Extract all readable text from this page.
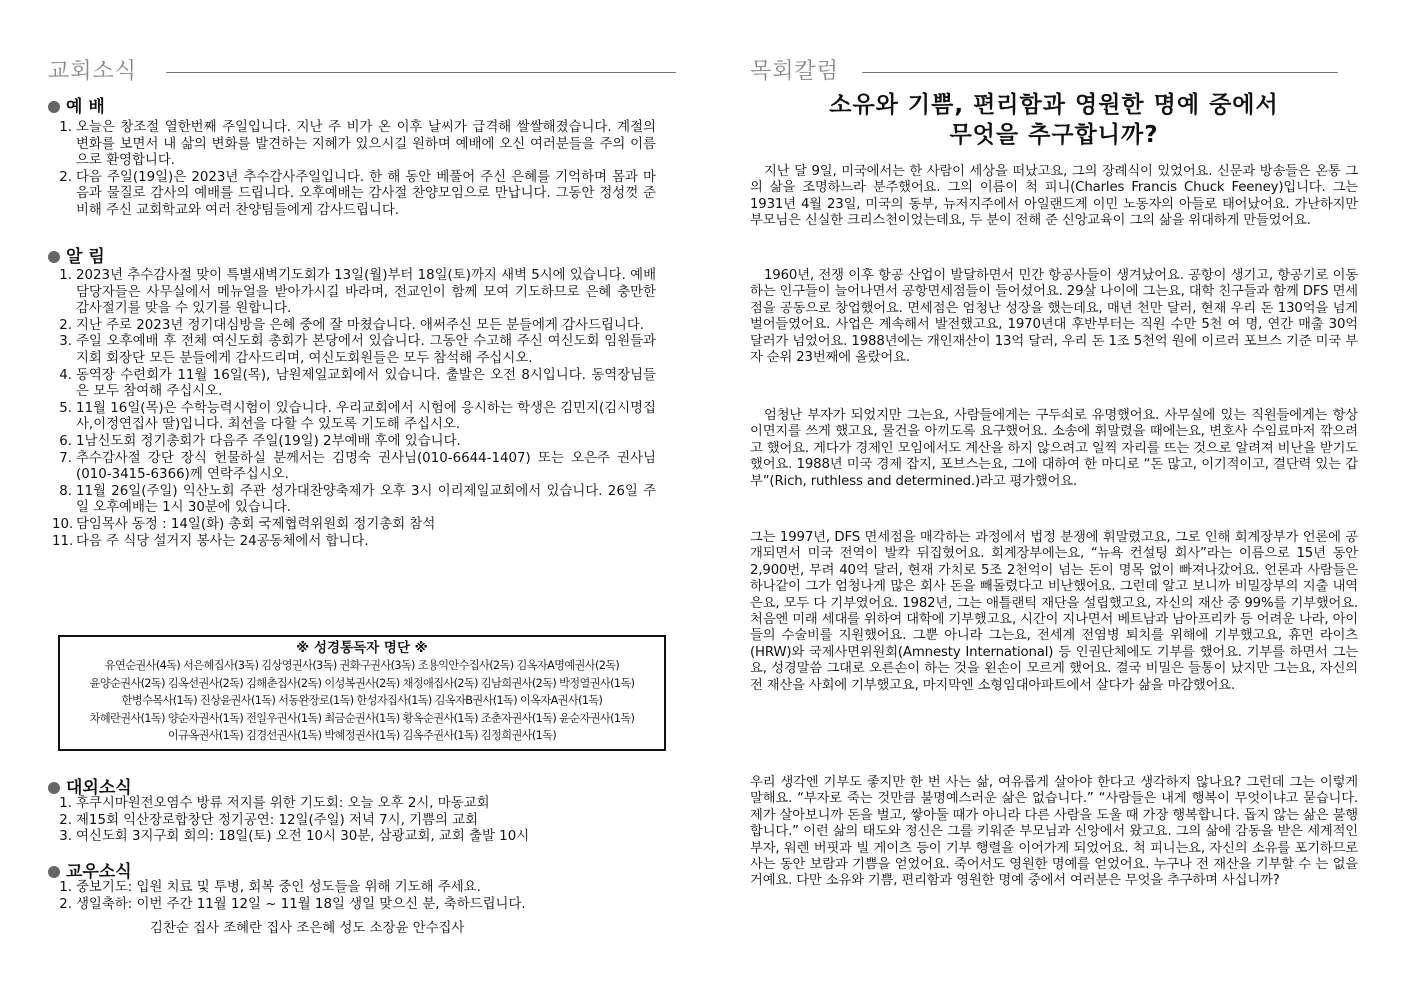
교회소식
예 배
1. 오늘은 창조절 열한번째 주일입니다. 지난 주 비가 온 이후 날씨가 급격해 쌀쌀해졌습니다. 계절의 변화를 보면서 내 삶의 변화를 발견하는 지혜가 있으시길 원하며 예배에 오신 여러분들을 주의 이름으로 환영합니다.
2. 다음 주일(19일)은 2023년 추수감사주일입니다. 한 해 동안 베풀어 주신 은혜를 기억하며 몸과 마음과 물질로 감사의 예배를 드립니다. 오후예배는 감사절 찬양모임으로 만납니다. 그동안 정성껏 준비해 주신 교회학교와 여러 찬양팀들에게 감사드립니다.
알 림
1. 2023년 추수감사절 맞이 특별새벽기도회가 13일(월)부터 18일(토)까지 새벽 5시에 있습니다. 예배 담당자들은 사무실에서 메뉴얼을 받아가시길 바라며, 전교인이 함께 모여 기도하므로 은혜 충만한 감사절기를 맞을 수 있기를 원합니다.
2. 지난 주로 2023년 정기대심방을 은혜 중에 잘 마쳤습니다. 애써주신 모든 분들에게 감사드립니다.
3. 주일 오후예배 후 전체 여신도회 총회가 본당에서 있습니다. 그동안 수고해 주신 여신도회 임원들과 지회 회장단 모든 분들에게 감사드리며, 여신도회원들은 모두 참석해 주십시오.
4. 동역장 수련회가 11월 16일(목), 남원제일교회에서 있습니다. 출발은 오전 8시입니다. 동역장님들은 모두 참여해 주십시오.
5. 11월 16일(목)은 수학능력시험이 있습니다. 우리교회에서 시험에 응시하는 학생은 김민지(김시명집사,이정연집사 딸)입니다. 최선을 다할 수 있도록 기도해 주십시오.
6. 1남신도회 정기총회가 다음주 주일(19일) 2부예배 후에 있습니다.
7. 추수감사절 강단 장식 헌물하실 분께서는 김명숙 권사님(010-6644-1407) 또는 오은주 권사님(010-3415-6366)께 연락주십시오.
8. 11월 26일(주일) 익산노회 주관 성가대찬양축제가 오후 3시 이리제일교회에서 있습니다. 26일 주일 오후예배는 1시 30분에 있습니다.
10. 담임목사 동정 : 14일(화) 총회 국제협력위원회 정기총회 참석
11. 다음 주 식당 설거지 봉사는 24공동체에서 합니다.
※ 성경통독자 명단 ※
유연순권사(4독) 서은혜집사(3독) 김상영권사(3독) 권화구권사(3독) 조용익안수집사(2독) 김옥자A명예권사(2독)
윤양순권사(2독) 김옥선권사(2독) 김해춘집사(2독) 이성복권사(2독) 채정애집사(2독) 김남희권사(2독) 박정열권사(1독)
한병수목사(1독) 진상윤권사(1독) 서동완장로(1독) 한성자집사(1독) 김옥자B권사(1독) 이옥자A권사(1독)
차혜란권사(1독) 양순자권사(1독) 전일우권사(1독) 최금순권사(1독) 황옥순권사(1독) 조춘자권사(1독) 윤순자권사(1독)
이규옥권사(1독) 김경선권사(1독) 박혜정권사(1독) 김옥주권사(1독) 김정희권사(1독)
대외소식
1. 후쿠시마원전오염수 방류 저지를 위한 기도회: 오늘 오후 2시, 마동교회
2. 제15회 익산장로합창단 정기공연: 12일(주일) 저녁 7시, 기쁨의 교회
3. 여신도회 3지구회 회의: 18일(토) 오전 10시 30분, 삼광교회, 교회 출발 10시
교우소식
1. 중보기도: 입원 치료 및 투병, 회복 중인 성도들을 위해 기도해 주세요.
2. 생일축하: 이번 주간 11월 12일 ~ 11월 18일 생일 맞으신 분, 축하드립니다.
김찬순 집사 조혜란 집사 조은혜 성도 소장윤 안수집사
목회칼럼
소유와 기쁨, 편리함과 영원한 명예 중에서
무엇을 추구합니까?

지난 달 9일, 미국에서는 한 사람이 세상을 떠났고요, 그의 장례식이 있었어요. 신문과 방송들은 온통 그의 삶을 조명하느라 분주했어요. 그의 이름이 척 피니(Charles Francis Chuck Feeney)입니다. 그는 1931년 4월 23일, 미국의 동부, 뉴저지주에서 아일랜드계 이민 노동자의 아들로 태어났어요. 가난하지만 부모님은 신실한 크리스천이었는데요, 두 분이 전해 준 신앙교육이 그의 삶을 위대하게 만들었어요.

1960년, 전쟁 이후 항공 산업이 발달하면서 민간 항공사들이 생겨났어요. 공항이 생기고, 항공기로 이동하는 인구들이 늘어나면서 공항면세점들이 들어섰어요. 29살 나이에 그는요, 대학 친구들과 함께 DFS 면세점을 공동으로 창업했어요. 면세점은 엄청난 성장을 했는데요, 매년 천만 달러, 현재 우리 돈 130억을 넘게 벌어들였어요. 사업은 계속해서 발전했고요, 1970년대 후반부터는 직원 수만 5천 여 명, 연간 매출 30억 달러가 넘었어요. 1988년에는 개인재산이 13억 달러, 우리 돈 1조 5천억 원에 이르러 포브스 기준 미국 부자 순위 23번째에 올랐어요.

엄청난 부자가 되었지만 그는요, 사람들에게는 구두쇠로 유명했어요. 사무실에 있는 직원들에게는 항상 이면지를 쓰게 했고요, 물건을 아끼도록 요구했어요. 소송에 휘말렸을 때에는요, 변호사 수임료마저 깎으려고 했어요. 게다가 경제인 모임에서도 계산을 하지 않으려고 일찍 자리를 뜨는 것으로 알려져 비난을 받기도 했어요. 1988년 미국 경제 잡지, 포브스는요, 그에 대하여 한 마디로 “돈 많고, 이기적이고, 결단력 있는 갑부”(Rich, ruthless and determined.)라고 평가했어요.

그는 1997년, DFS 면세점을 매각하는 과정에서 법정 분쟁에 휘말렸고요, 그로 인해 회계장부가 언론에 공개되면서 미국 전역이 발칵 뒤집혔어요. 회계장부에는요, “뉴욕 컨설팅 회사”라는 이름으로 15년 동안 2,900번, 무려 40억 달러, 현재 가치로 5조 2천억이 넘는 돈이 명목 없이 빠져나갔어요. 언론과 사람들은 하나같이 그가 엄청나게 많은 회사 돈을 빼돌렸다고 비난했어요. 그런데 알고 보니까 비밀장부의 지출 내역은요, 모두 다 기부였어요. 1982년, 그는 애틀랜틱 재단을 설립했고요, 자신의 재산 중 99%를 기부했어요. 처음엔 미래 세대를 위하여 대학에 기부했고요, 시간이 지나면서 베트남과 남아프리카 등 어려운 나라, 아이들의 수술비를 지원했어요. 그뿐 아니라 그는요, 전세계 전염병 퇴치를 위해에 기부했고요, 휴먼 라이츠(HRW)와 국제사면위원회(Amnesty International) 등 인권단체에도 기부를 했어요. 기부를 하면서 그는요, 성경말씀 그대로 오른손이 하는 것을 왼손이 모르게 했어요. 결국 비밀은 들통이 났지만 그는요, 자신의 전 재산을 사회에 기부했고요, 마지막엔 소형임대아파트에서 살다가 삶을 마감했어요.

우리 생각엔 기부도 좋지만 한 번 사는 삶, 여유롭게 살아야 한다고 생각하지 않나요? 그런데 그는 이렇게 말해요. “부자로 죽는 것만큼 불명예스러운 삶은 없습니다.” “사람들은 내게 행복이 무엇이냐고 묻습니다. 제가 살아보니까 돈을 벌고, 쌓아둘 때가 아니라 다른 사람을 도울 때 가장 행복합니다. 돕지 않는 삶은 불행합니다.” 이런 삶의 태도와 정신은 그를 키워준 부모님과 신앙에서 왔고요. 그의 삶에 감동을 받은 세계적인 부자, 워렌 버핏과 빌 게이츠 등이 기부 행렬을 이어가게 되었어요. 척 피니는요, 자신의 소유를 포기하므로 사는 동안 보람과 기쁨을 얻었어요. 죽어서도 영원한 명예를 얻었어요. 누구나 전 재산을 기부할 수 는 없을 거예요. 다만 소유와 기쁨, 편리함과 영원한 명예 중에서 여러분은 무엇을 추구하며 사십니까?
